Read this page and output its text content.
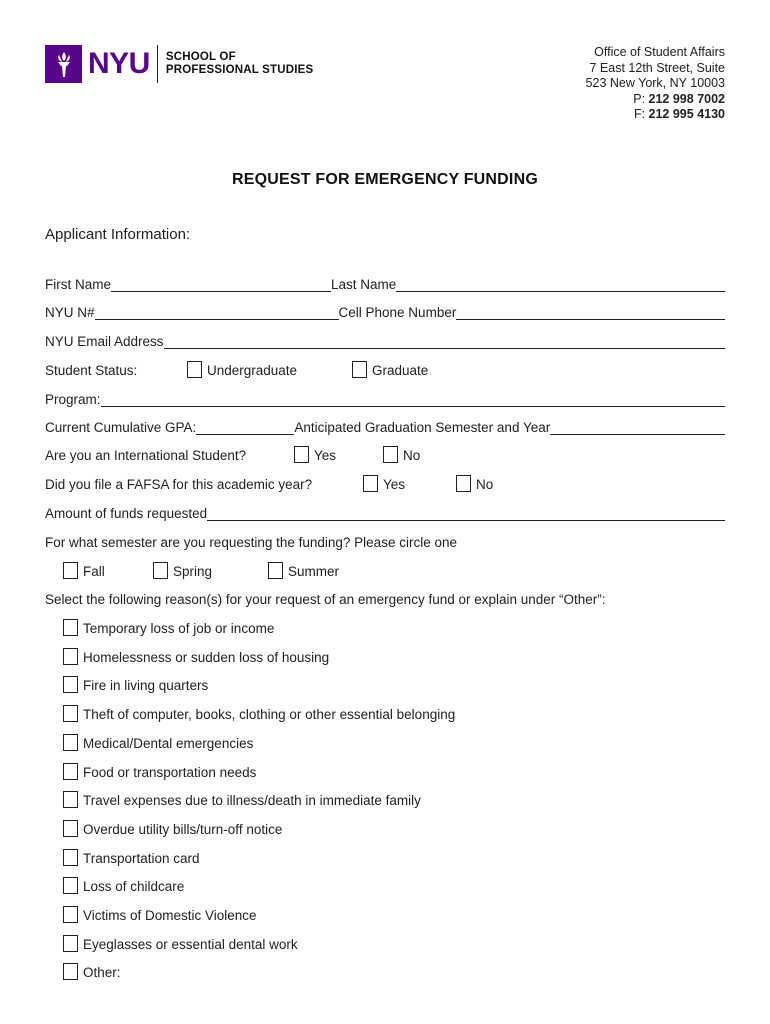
NYU SCHOOL OF
PROFESSIONAL STUDIES
Office of Student Affairs
7 East 12th Street, Suite
523 New York, NY 10003
P: 212 998 7002
F: 212 995 4130
REQUEST FOR EMERGENCY FUNDING
Applicant Information:
First Name	Last Name
NYU N#	Cell Phone Number
NYU Email Address
Student Status:	Undergraduate	Graduate
Program:
Current Cumulative GPA:	Anticipated Graduation Semester and Year
Are you an International Student?	Yes	No
Did you file a FAFSA for this academic year?	Yes	No
Amount of funds requested
For what semester are you requesting the funding? Please circle one
Fall	Spring	Summer
Select the following reason(s) for your request of an emergency fund or explain under “Other”:
Temporary loss of job or income
Homelessness or sudden loss of housing
Fire in living quarters
Theft of computer, books, clothing or other essential belonging
Medical/Dental emergencies
Food or transportation needs
Travel expenses due to illness/death in immediate family
Overdue utility bills/turn-off notice
Transportation card
Loss of childcare
Victims of Domestic Violence
Eyeglasses or essential dental work
Other:
